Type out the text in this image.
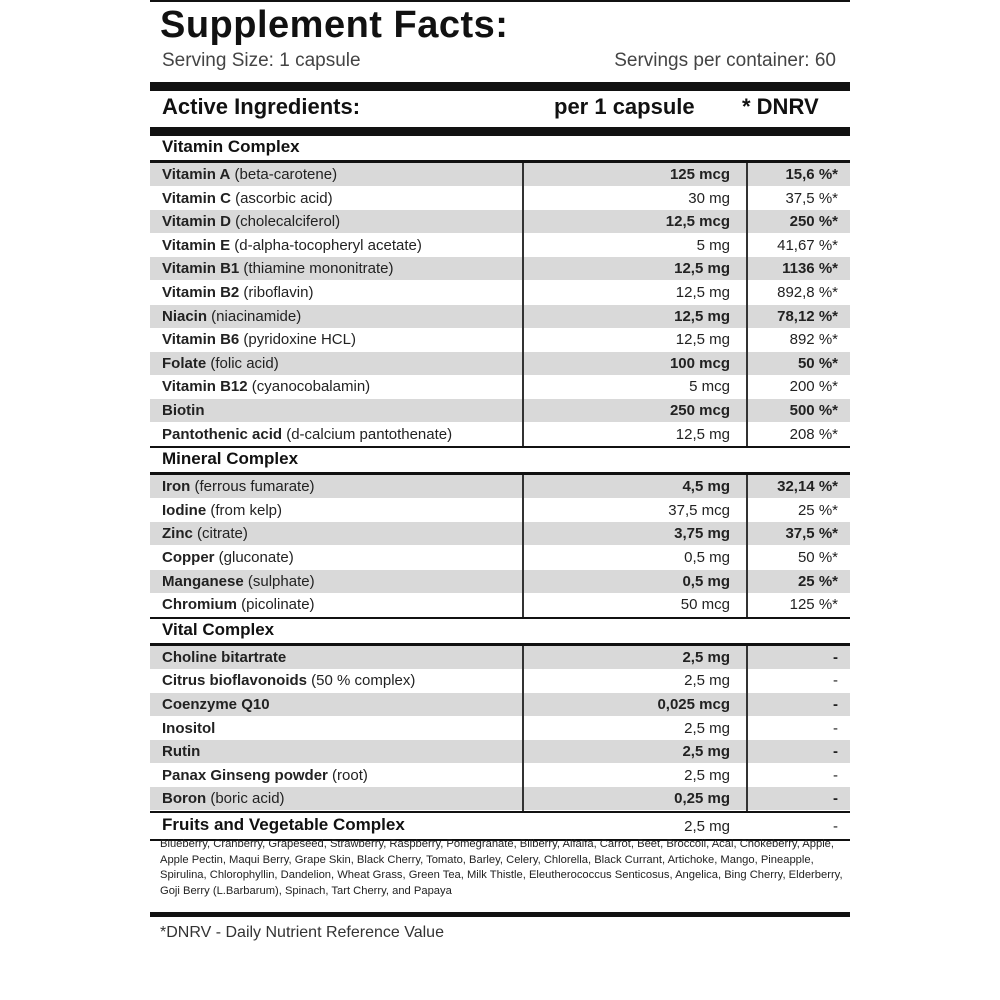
Supplement Facts:
Serving Size: 1 capsule	Servings per container: 60
Active Ingredients:	per 1 capsule * DNRV
Vitamin Complex
Vitamin A (beta-carotene)	125 mcg	15,6 %*
Vitamin C (ascorbic acid)	30 mg	37,5 %*
Vitamin D (cholecalciferol)	12,5 mcg	250 %*
Vitamin E (d-alpha-tocopheryl acetate)	5 mg	41,67 %*
Vitamin B1 (thiamine mononitrate)	12,5 mg	1136 %*
Vitamin B2 (riboflavin)	12,5 mg	892,8 %*
Niacin (niacinamide)	12,5 mg	78,12 %*
Vitamin B6 (pyridoxine HCL)	12,5 mg	892 %*
Folate (folic acid)	100 mcg	50 %*
Vitamin B12 (cyanocobalamin)	5 mcg	200 %*
Biotin	250 mcg	500 %*
Pantothenic acid (d-calcium pantothenate)	12,5 mg	208 %*
Mineral Complex
Iron (ferrous fumarate)	4,5 mg	32,14 %*
Iodine (from kelp)	37,5 mcg	25 %*
Zinc (citrate)	3,75 mg	37,5 %*
Copper (gluconate)	0,5 mg	50 %*
Manganese (sulphate)	0,5 mg	25 %*
Chromium (picolinate)	50 mcg	125 %*
Vital Complex
Choline bitartrate	2,5 mg	-
Citrus bioflavonoids (50 % complex)	2,5 mg	-
Coenzyme Q10	0,025 mcg	-
Inositol	2,5 mg	-
Rutin	2,5 mg	-
Panax Ginseng powder (root)	2,5 mg	-
Boron (boric acid)	0,25 mg	-
Fruits and Vegetable Complex	2,5 mg	-
Blueberry, Cranberry, Grapeseed, Strawberry, Raspberry, Pomegranate, Bilberry, Alfalfa, Carrot, Beet, Broccoli, Acai, Chokeberry, Apple, Apple Pectin, Maqui Berry, Grape Skin, Black Cherry, Tomato, Barley, Celery, Chlorella, Black Currant, Artichoke, Mango, Pineapple, Spirulina, Chlorophyllin, Dandelion, Wheat Grass, Green Tea, Milk Thistle, Eleutherococcus Senticosus, Angelica, Bing Cherry, Elderberry, Goji Berry (L.Barbarum), Spinach, Tart Cherry, and Papaya
*DNRV - Daily Nutrient Reference Value
